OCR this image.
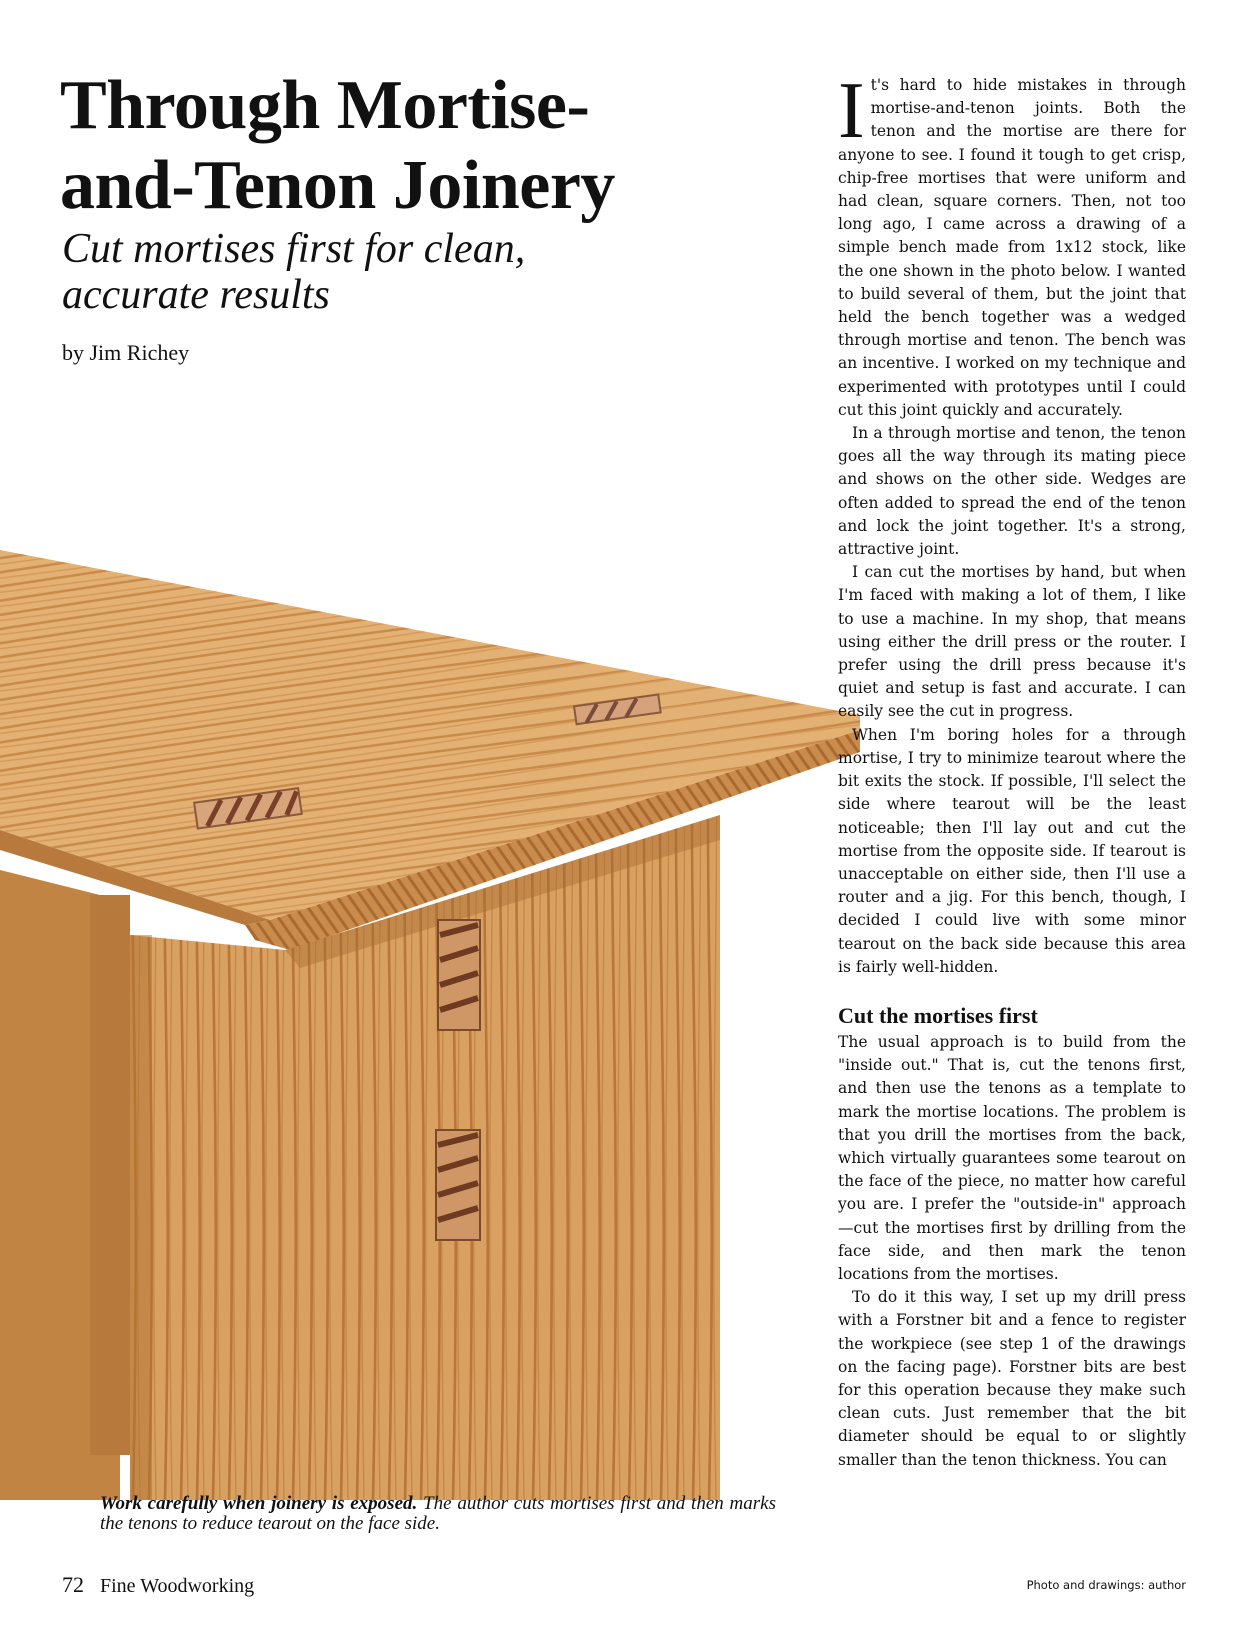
Through Mortise-and-Tenon Joinery
Cut mortises first for clean, accurate results
by Jim Richey

Work carefully when joinery is exposed. The author cuts mortises first and then marks the tenons to reduce tearout on the face side.

It's hard to hide mistakes in through mortise-and-tenon joints. Both the tenon and the mortise are there for anyone to see. I found it tough to get crisp, chip-free mortises that were uniform and had clean, square corners. Then, not too long ago, I came across a drawing of a simple bench made from 1x12 stock, like the one shown in the photo below. I wanted to build several of them, but the joint that held the bench together was a wedged through mortise and tenon. The bench was an incentive. I worked on my technique and experimented with prototypes until I could cut this joint quickly and accurately.

In a through mortise and tenon, the tenon goes all the way through its mating piece and shows on the other side. Wedges are often added to spread the end of the tenon and lock the joint together. It's a strong, attractive joint.

I can cut the mortises by hand, but when I'm faced with making a lot of them, I like to use a machine. In my shop, that means using either the drill press or the router. I prefer using the drill press because it's quiet and setup is fast and accurate. I can easily see the cut in progress.

When I'm boring holes for a through mortise, I try to minimize tearout where the bit exits the stock. If possible, I'll select the side where tearout will be the least noticeable; then I'll lay out and cut the mortise from the opposite side. If tearout is unacceptable on either side, then I'll use a router and a jig. For this bench, though, I decided I could live with some minor tearout on the back side because this area is fairly well-hidden.

Cut the mortises first

The usual approach is to build from the "inside out." That is, cut the tenons first, and then use the tenons as a template to mark the mortise locations. The problem is that you drill the mortises from the back, which virtually guarantees some tearout on the face of the piece, no matter how careful you are. I prefer the "outside-in" approach—cut the mortises first by drilling from the face side, and then mark the tenon locations from the mortises.

To do it this way, I set up my drill press with a Forstner bit and a fence to register the workpiece (see step 1 of the drawings on the facing page). Forstner bits are best for this operation because they make such clean cuts. Just remember that the bit diameter should be equal to or slightly smaller than the tenon thickness. You can

72 Fine Woodworking	Photo and drawings: author
